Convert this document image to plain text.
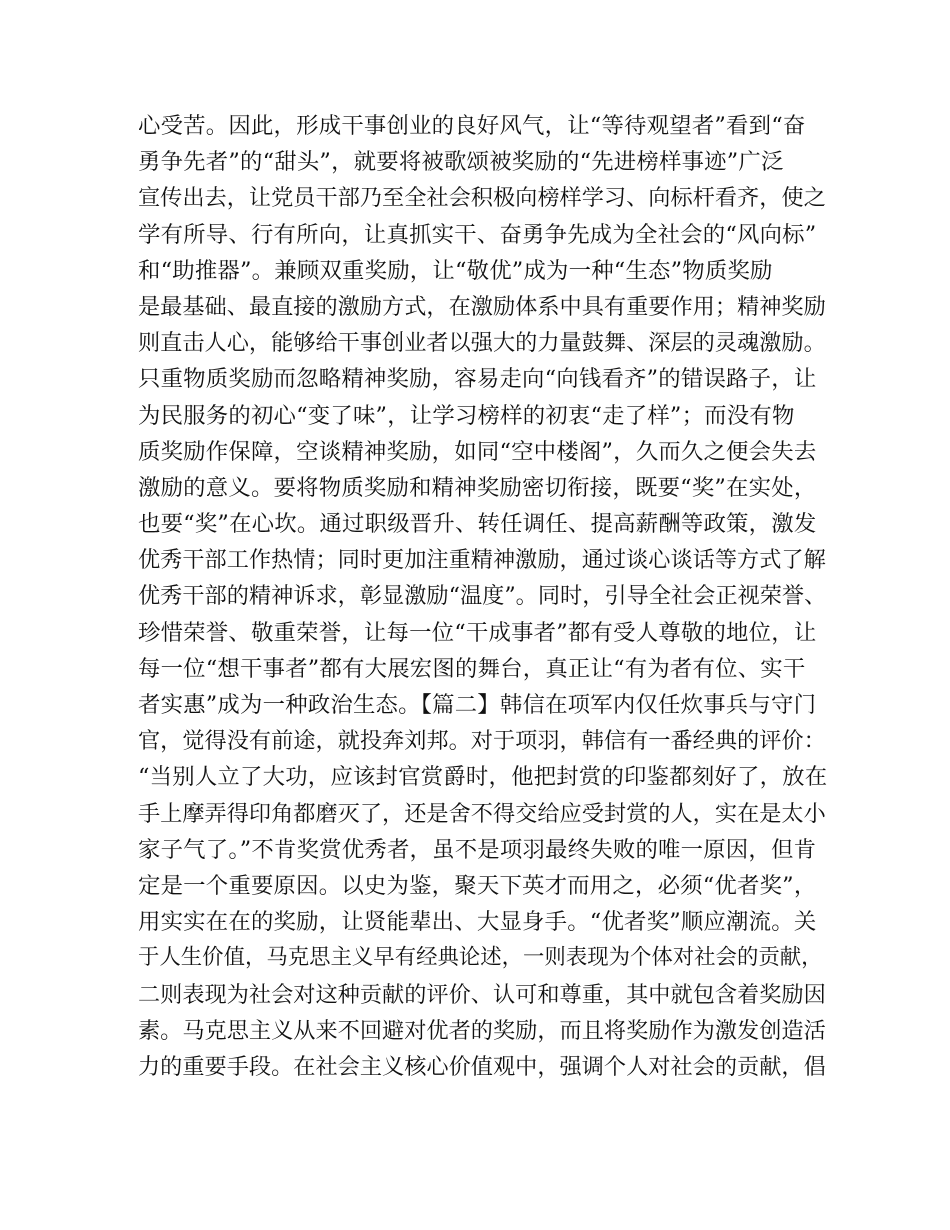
心受苦。因此，形成干事创业的良好风气，让“等待观望者”看到“奋
勇争先者”的“甜头”，就要将被歌颂被奖励的“先进榜样事迹”广泛
宣传出去，让党员干部乃至全社会积极向榜样学习、向标杆看齐，使之
学有所导、行有所向，让真抓实干、奋勇争先成为全社会的“风向标”
和“助推器”。兼顾双重奖励，让“敬优”成为一种“生态”物质奖励
是最基础、最直接的激励方式，在激励体系中具有重要作用；精神奖励
则直击人心，能够给干事创业者以强大的力量鼓舞、深层的灵魂激励。
只重物质奖励而忽略精神奖励，容易走向“向钱看齐”的错误路子，让
为民服务的初心“变了味”，让学习榜样的初衷“走了样”；而没有物
质奖励作保障，空谈精神奖励，如同“空中楼阁”，久而久之便会失去
激励的意义。要将物质奖励和精神奖励密切衔接，既要“奖”在实处，
也要“奖”在心坎。通过职级晋升、转任调任、提高薪酬等政策，激发
优秀干部工作热情；同时更加注重精神激励，通过谈心谈话等方式了解
优秀干部的精神诉求，彰显激励“温度”。同时，引导全社会正视荣誉、
珍惜荣誉、敬重荣誉，让每一位“干成事者”都有受人尊敬的地位，让
每一位“想干事者”都有大展宏图的舞台，真正让“有为者有位、实干
者实惠”成为一种政治生态。【篇二】韩信在项军内仅任炊事兵与守门
官，觉得没有前途，就投奔刘邦。对于项羽，韩信有一番经典的评价：
“当别人立了大功，应该封官赏爵时，他把封赏的印鉴都刻好了，放在
手上摩弄得印角都磨灭了，还是舍不得交给应受封赏的人，实在是太小
家子气了。”不肯奖赏优秀者，虽不是项羽最终失败的唯一原因，但肯
定是一个重要原因。以史为鉴，聚天下英才而用之，必须“优者奖”，
用实实在在的奖励，让贤能辈出、大显身手。“优者奖”顺应潮流。关
于人生价值，马克思主义早有经典论述，一则表现为个体对社会的贡献，
二则表现为社会对这种贡献的评价、认可和尊重，其中就包含着奖励因
素。马克思主义从来不回避对优者的奖励，而且将奖励作为激发创造活
力的重要手段。在社会主义核心价值观中，强调个人对社会的贡献，倡
